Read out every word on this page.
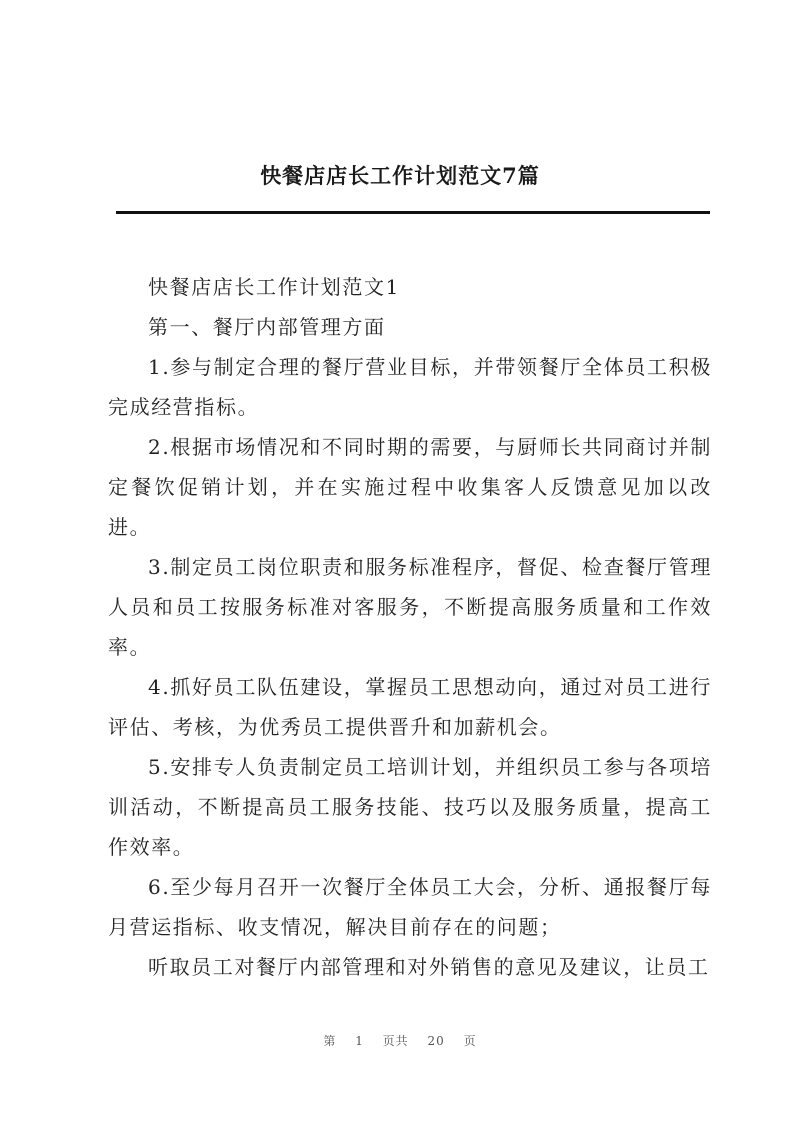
快餐店店长工作计划范文7篇

快餐店店长工作计划范文1

第一、餐厅内部管理方面

1.参与制定合理的餐厅营业目标，并带领餐厅全体员工积极完成经营指标。

2.根据市场情况和不同时期的需要，与厨师长共同商讨并制定餐饮促销计划，并在实施过程中收集客人反馈意见加以改进。

3.制定员工岗位职责和服务标准程序，督促、检查餐厅管理人员和员工按服务标准对客服务，不断提高服务质量和工作效率。

4.抓好员工队伍建设，掌握员工思想动向，通过对员工进行评估、考核，为优秀员工提供晋升和加薪机会。

5.安排专人负责制定员工培训计划，并组织员工参与各项培训活动，不断提高员工服务技能、技巧以及服务质量，提高工作效率。

6.至少每月召开一次餐厅全体员工大会，分析、通报餐厅每月营运指标、收支情况，解决目前存在的问题；

听取员工对餐厅内部管理和对外销售的意见及建议，让员工

第 1 页共 20 页
